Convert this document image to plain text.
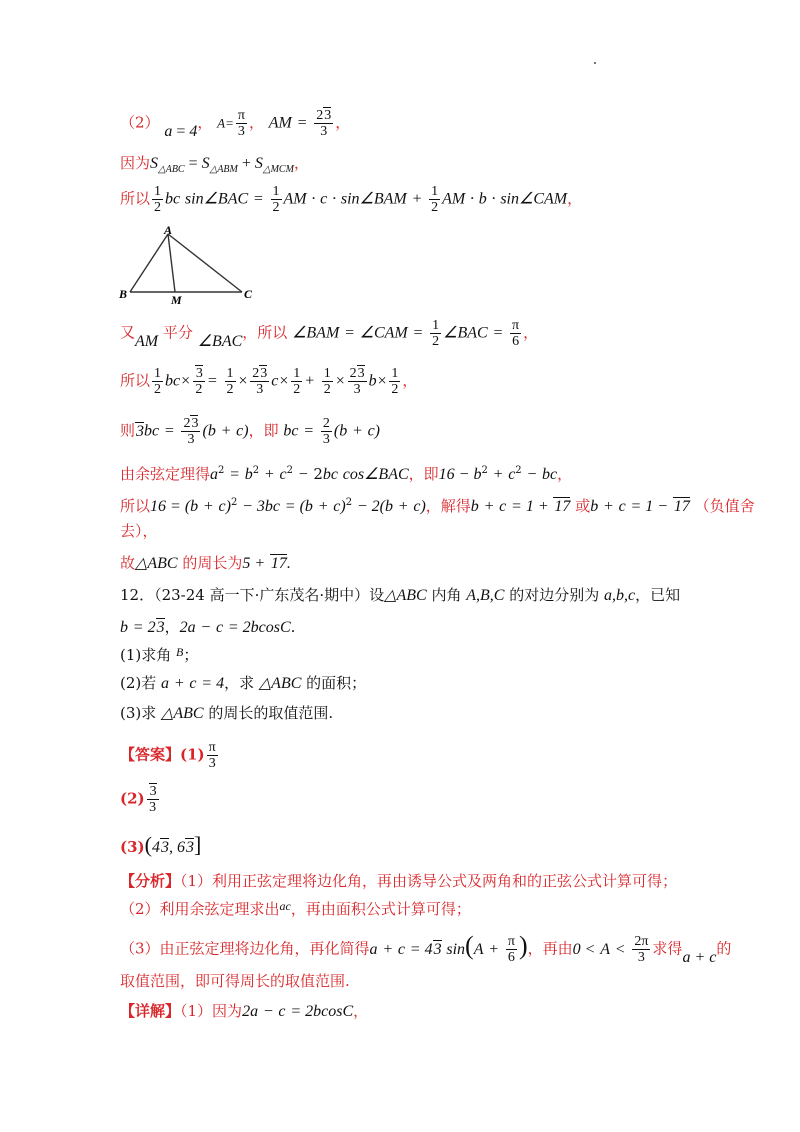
（2） a = 4， $A= \frac{\pi}{3}$ ， AM = $\frac{23}{3}$ ，
因为$S_{\triangle ABC} = S_{\triangle ABM} + S_{\triangle MCM}$，
所以 $\frac{1}{2}$ bc sin∠BAC = $\frac{1}{2}$ AM · c · sin∠BAM + $\frac{1}{2}$ AM · b · sin∠CAM，
A
B	M	C
又AM 平分 ∠BAC，所以 ∠BAM = ∠CAM = $\frac{1}{2}$ ∠BAC = $\frac{\pi}{6}$ ，
所以 $\frac{1}{2} bc\times \frac{3}{2} = \frac{1}{2} \times \frac{23}{3} c\times \frac{1}{2} + \frac{1}{2} \times \frac{23}{3} b\times \frac{1}{2}$ ，
则$3bc = \frac{23}{3} (b + c)$，即 bc = $\frac{2}{3} (b + c)$
由余弦定理得$a^2 = b^2 + c^2 - 2bc$ cos∠BAC，即$16 - b^2 + c^2$ − bc，
所以$16 = (b + c)^2 - 3bc = (b + c)^2 - 2(b + c)$，解得b + c = 1 + 17 或b + c = 1 − 17 （负值舍
去），
故△ABC 的周长为5 + 17.
12．（23-24 高一下·广东茂名·期中）设△ABC 内角 A,B,C 的对边分别为 a,b,c，已知
b = 23，2a − c = 2bcosC.
(1)求角 $^B$；
(2)若 a + c = 4，求 △ABC 的面积；
(3)求 △ABC 的周长的取值范围.
【答案】$(1) \frac{\pi}{3}$
$(2) \frac{3}{3}$
(3)(43, 63]
【分析】（1）利用正弦定理将边化角，再由诱导公式及两角和的正弦公式计算可得；
（2）利用余弦定理求出$^{ac}$，再由面积公式计算可得；
（3）由正弦定理将边化角，再化简得a + c = 43 $\sin(A + \frac{\pi}{6}$ )，再由$0 < A < \frac{2\pi}{3}$ 求得a + c的
取值范围，即可得周长的取值范围.
【详解】（1）因为2a − c = 2bcosC，
